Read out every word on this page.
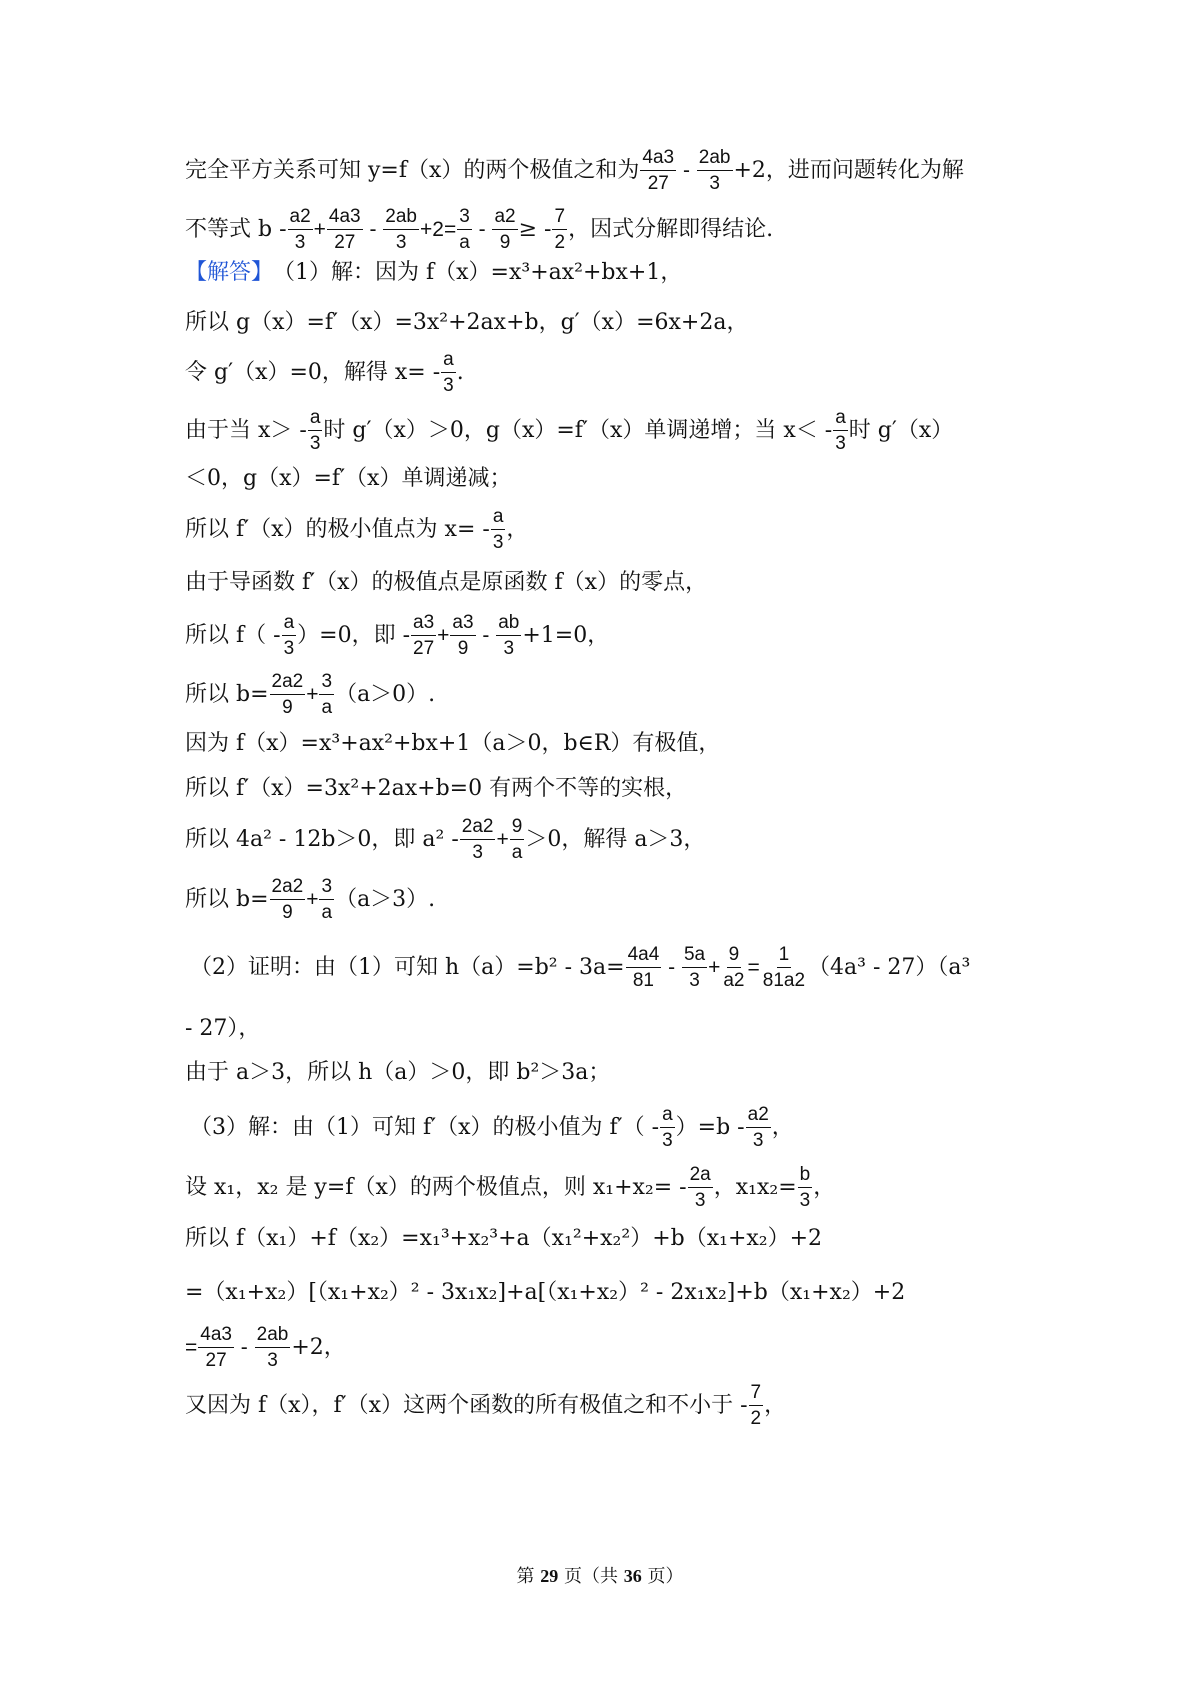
完全平方关系可知 y=f（x）的两个极值之和为 $\frac{4a3}{27} - \frac{2ab}{3} +2$，进而问题转化为解
不等式 $b - \frac{a2}{3} + \frac{4a3}{27} - \frac{2ab}{3} +2= \frac{3}{a} - \frac{a2}{9}$ ≥ - $\frac{7}{2}$ ，因式分解即得结论.
【解答】（1）解：因为 f（x）=x³+ax²+bx+1，
所以 g（x）=f′（x）=3x²+2ax+b，g′（x）=6x+2a，
令 g′（x）=0，解得 $x= - \frac{a}{3}$ .
由于当 $x> - \frac{a}{3}$ 时 g′（x）＞0，g（x）=f′（x）单调递增；当 $x< - \frac{a}{3}$ 时 g′（x）
＜0，g（x）=f′（x）单调递减；
所以 f′（x）的极小值点为 $x= - \frac{a}{3}$ ，
由于导函数 f′（x）的极值点是原函数 f（x）的零点，
所以 $f( - \frac{a}{3} )=0$，即 - $\frac{a3}{27} + \frac{a3}{9} - \frac{ab}{3} +1=0$，
所以 $b= \frac{2a2}{9} + \frac{3}{a} (a>0)$.
因为 f（x）=x³+ax²+bx+1（a＞0，b∈R）有极值，
所以 f′（x）=3x²+2ax+b=0 有两个不等的实根，
所以 4a² - 12b＞0，即 $a^2 - \frac{2a2}{3} + \frac{9}{a} >0$，解得 a＞3，
所以 $b= \frac{2a2}{9} + \frac{3}{a} (a>3)$.
（2）证明：由（1）可知 $h(a)=b^2 - 3a= \frac{4a4}{81} - \frac{5a}{3} + \frac{9}{a2} = \frac{1}{81a2} (4a^3 - 27)(a^3$
- 27），
由于 a＞3，所以 h（a）＞0，即 b²＞3a；
（3）解：由（1）可知 f′（x）的极小值为 $f'( - \frac{a}{3} )=b - \frac{a2}{3}$ ，
设 x₁，x₂ 是 y=f（x）的两个极值点，则 $x_1+x_2= - \frac{2a}{3}$ ，$x_1x_2= \frac{b}{3}$ ，
所以 f（x₁）+f（x₂）=x₁³+x₂³+a（x₁²+x₂²）+b（x₁+x₂）+2
=（x₁+x₂）[（x₁+x₂）² - 3x₁x₂]+a[（x₁+x₂）² - 2x₁x₂]+b（x₁+x₂）+2
= $\frac{4a3}{27} - \frac{2ab}{3} +2$，
又因为 f（x），f′（x）这两个函数的所有极值之和不小于 - $\frac{7}{2}$ ，
第 29 页（共 36 页）
